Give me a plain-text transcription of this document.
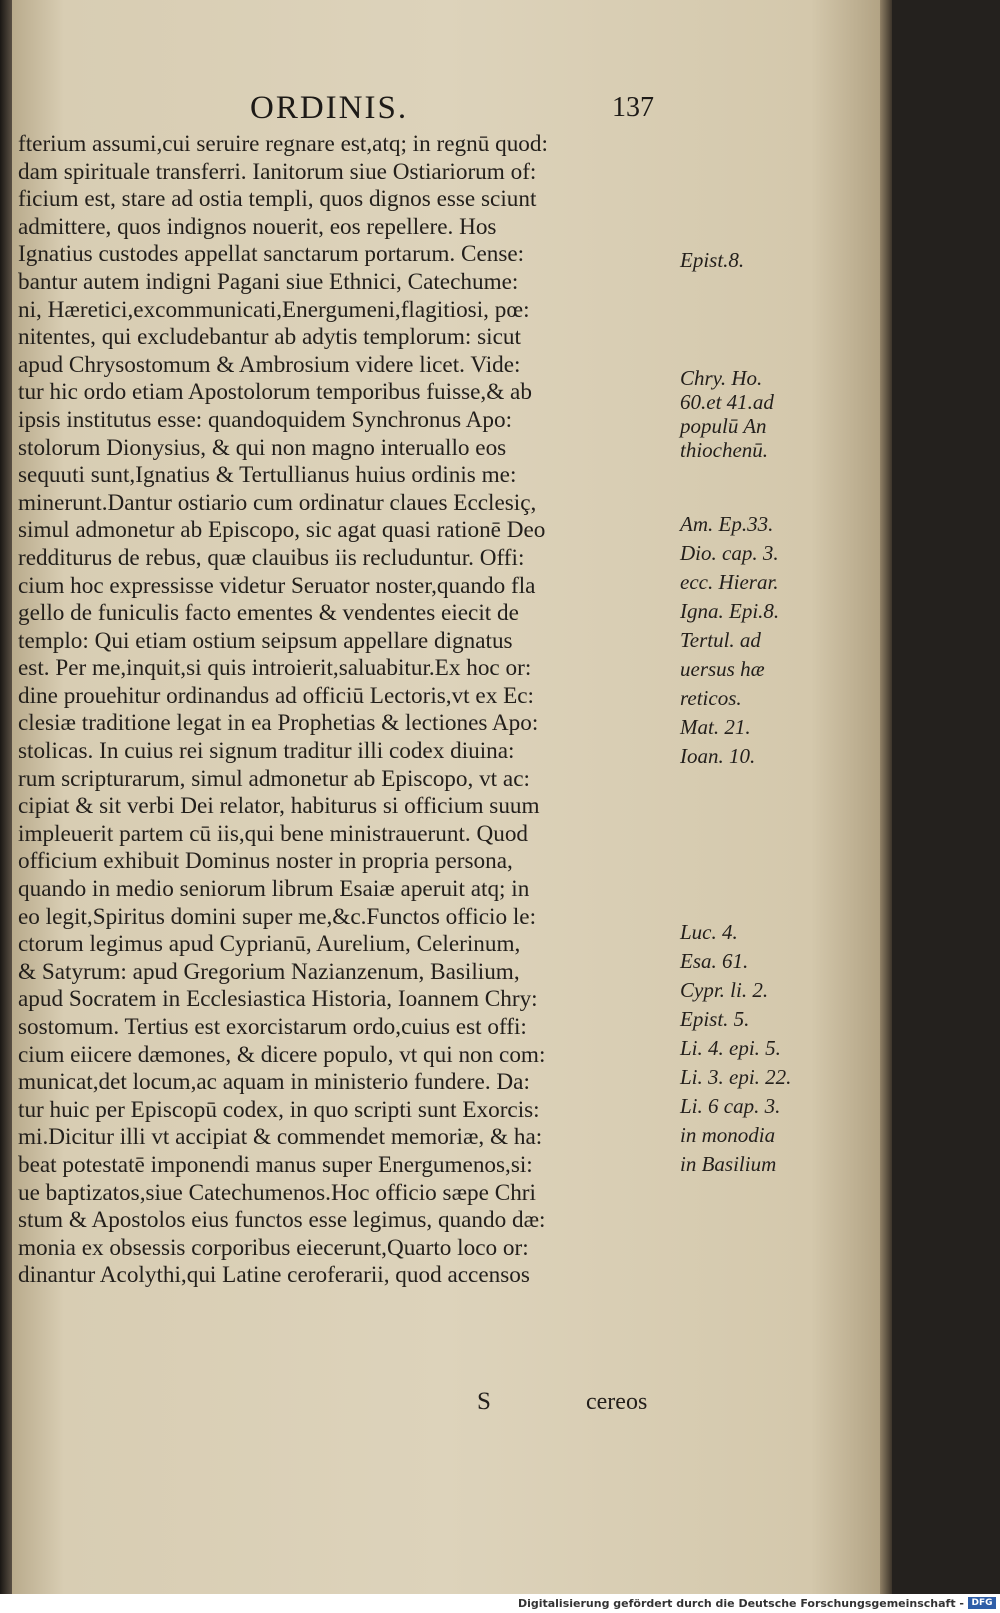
ORDINIS.	137
fterium assumi,cui seruire regnare est,atq; in regnū quod:
dam spirituale transferri. Ianitorum siue Ostiariorum of:
ficium est, stare ad ostia templi, quos dignos esse sciunt
admittere, quos indignos nouerit, eos repellere. Hos
Ignatius custodes appellat sanctarum portarum. Cense:
bantur autem indigni Pagani siue Ethnici, Catechume:
ni, Hæretici,excommunicati,Energumeni,flagitiosi, pœ:
nitentes, qui excludebantur ab adytis templorum: sicut
apud Chrysostomum & Ambrosium videre licet. Vide:
tur hic ordo etiam Apostolorum temporibus fuisse,& ab
ipsis institutus esse: quandoquidem Synchronus Apo:
stolorum Dionysius, & qui non magno interuallo eos
sequuti sunt,Ignatius & Tertullianus huius ordinis me:
minerunt.Dantur ostiario cum ordinatur claues Ecclesiç,
simul admonetur ab Episcopo, sic agat quasi rationē Deo
redditurus de rebus, quæ clauibus iis recluduntur. Offi:
cium hoc expressisse videtur Seruator noster,quando fla
gello de funiculis facto ementes & vendentes eiecit de
templo: Qui etiam ostium seipsum appellare dignatus
est. Per me,inquit,si quis introierit,saluabitur.Ex hoc or:
dine prouehitur ordinandus ad officiū Lectoris,vt ex Ec:
clesiæ traditione legat in ea Prophetias & lectiones Apo:
stolicas. In cuius rei signum traditur illi codex diuina:
rum scripturarum, simul admonetur ab Episcopo, vt ac:
cipiat & sit verbi Dei relator, habiturus si officium suum
impleuerit partem cū iis,qui bene ministrauerunt. Quod
officium exhibuit Dominus noster in propria persona,
quando in medio seniorum librum Esaiæ aperuit atq; in
eo legit,Spiritus domini super me,&c.Functos officio le:
ctorum legimus apud Cyprianū, Aurelium, Celerinum,
& Satyrum: apud Gregorium Nazianzenum, Basilium,
apud Socratem in Ecclesiastica Historia, Ioannem Chry:
sostomum. Tertius est exorcistarum ordo,cuius est offi:
cium eiicere dæmones, & dicere populo, vt qui non com:
municat,det locum,ac aquam in ministerio fundere. Da:
tur huic per Episcopū codex, in quo scripti sunt Exorcis:
mi.Dicitur illi vt accipiat & commendet memoriæ, & ha:
beat potestatē imponendi manus super Energumenos,si:
ue baptizatos,siue Catechumenos.Hoc officio sæpe Chri
stum & Apostolos eius functos esse legimus, quando dæ:
monia ex obsessis corporibus eiecerunt,Quarto loco or:
dinantur Acolythi,qui Latine ceroferarii, quod accensos
Epist.8.
Chry. Ho.
60.et 41.ad
populū An
thiochenū.
Am. Ep.33.
Dio. cap. 3.
ecc. Hierar.
Igna. Epi.8.
Tertul. ad
uersus hæ
reticos.
Mat. 21.
Ioan. 10.
Luc. 4.
Esa. 61.
Cypr. li. 2.
Epist. 5.
Li. 4. epi. 5.
Li. 3. epi. 22.
Li. 6 cap. 3.
in monodia
in Basilium
S	cereos
Digitalisierung gefördert durch die Deutsche Forschungsgemeinschaft - DFG
